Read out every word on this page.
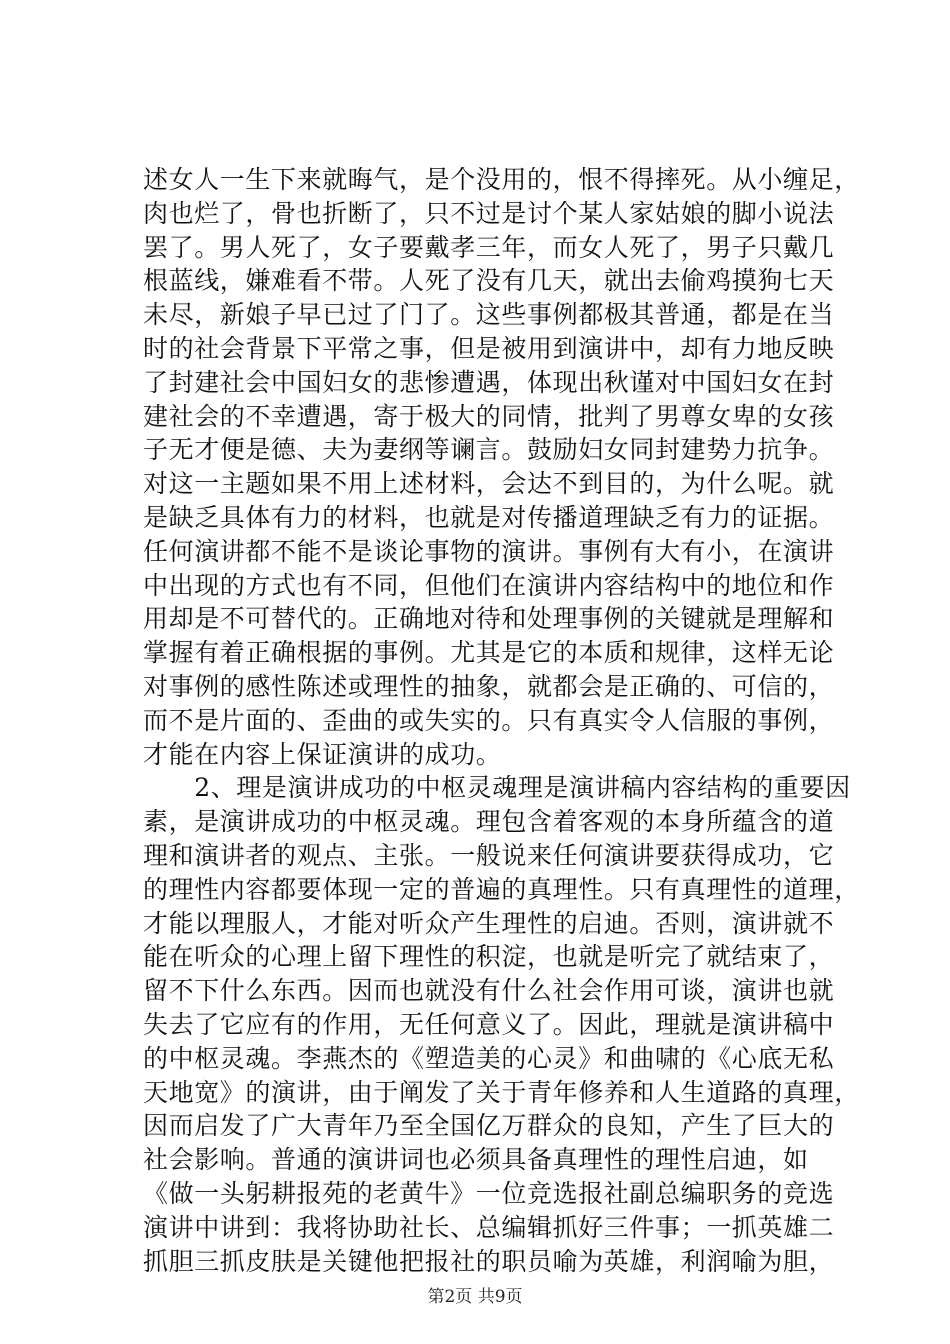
述女人一生下来就晦气，是个没用的，恨不得摔死。从小缠足，
肉也烂了，骨也折断了，只不过是讨个某人家姑娘的脚小说法
罢了。男人死了，女子要戴孝三年，而女人死了，男子只戴几
根蓝线，嫌难看不带。人死了没有几天，就出去偷鸡摸狗七天
未尽，新娘子早已过了门了。这些事例都极其普通，都是在当
时的社会背景下平常之事，但是被用到演讲中，却有力地反映
了封建社会中国妇女的悲惨遭遇，体现出秋谨对中国妇女在封
建社会的不幸遭遇，寄于极大的同情，批判了男尊女卑的女孩
子无才便是德、夫为妻纲等谰言。鼓励妇女同封建势力抗争。
对这一主题如果不用上述材料，会达不到目的，为什么呢。就
是缺乏具体有力的材料，也就是对传播道理缺乏有力的证据。
任何演讲都不能不是谈论事物的演讲。事例有大有小，在演讲
中出现的方式也有不同，但他们在演讲内容结构中的地位和作
用却是不可替代的。正确地对待和处理事例的关键就是理解和
掌握有着正确根据的事例。尤其是它的本质和规律，这样无论
对事例的感性陈述或理性的抽象，就都会是正确的、可信的，
而不是片面的、歪曲的或失实的。只有真实令人信服的事例，
才能在内容上保证演讲的成功。
　　2、理是演讲成功的中枢灵魂理是演讲稿内容结构的重要因
素，是演讲成功的中枢灵魂。理包含着客观的本身所蕴含的道
理和演讲者的观点、主张。一般说来任何演讲要获得成功，它
的理性内容都要体现一定的普遍的真理性。只有真理性的道理，
才能以理服人，才能对听众产生理性的启迪。否则，演讲就不
能在听众的心理上留下理性的积淀，也就是听完了就结束了，
留不下什么东西。因而也就没有什么社会作用可谈，演讲也就
失去了它应有的作用，无任何意义了。因此，理就是演讲稿中
的中枢灵魂。李燕杰的《塑造美的心灵》和曲啸的《心底无私
天地宽》的演讲，由于阐发了关于青年修养和人生道路的真理，
因而启发了广大青年乃至全国亿万群众的良知，产生了巨大的
社会影响。普通的演讲词也必须具备真理性的理性启迪，如
《做一头躬耕报苑的老黄牛》一位竞选报社副总编职务的竞选
演讲中讲到：我将协助社长、总编辑抓好三件事；一抓英雄二
抓胆三抓皮肤是关键他把报社的职员喻为英雄，利润喻为胆，
第2页 共9页
